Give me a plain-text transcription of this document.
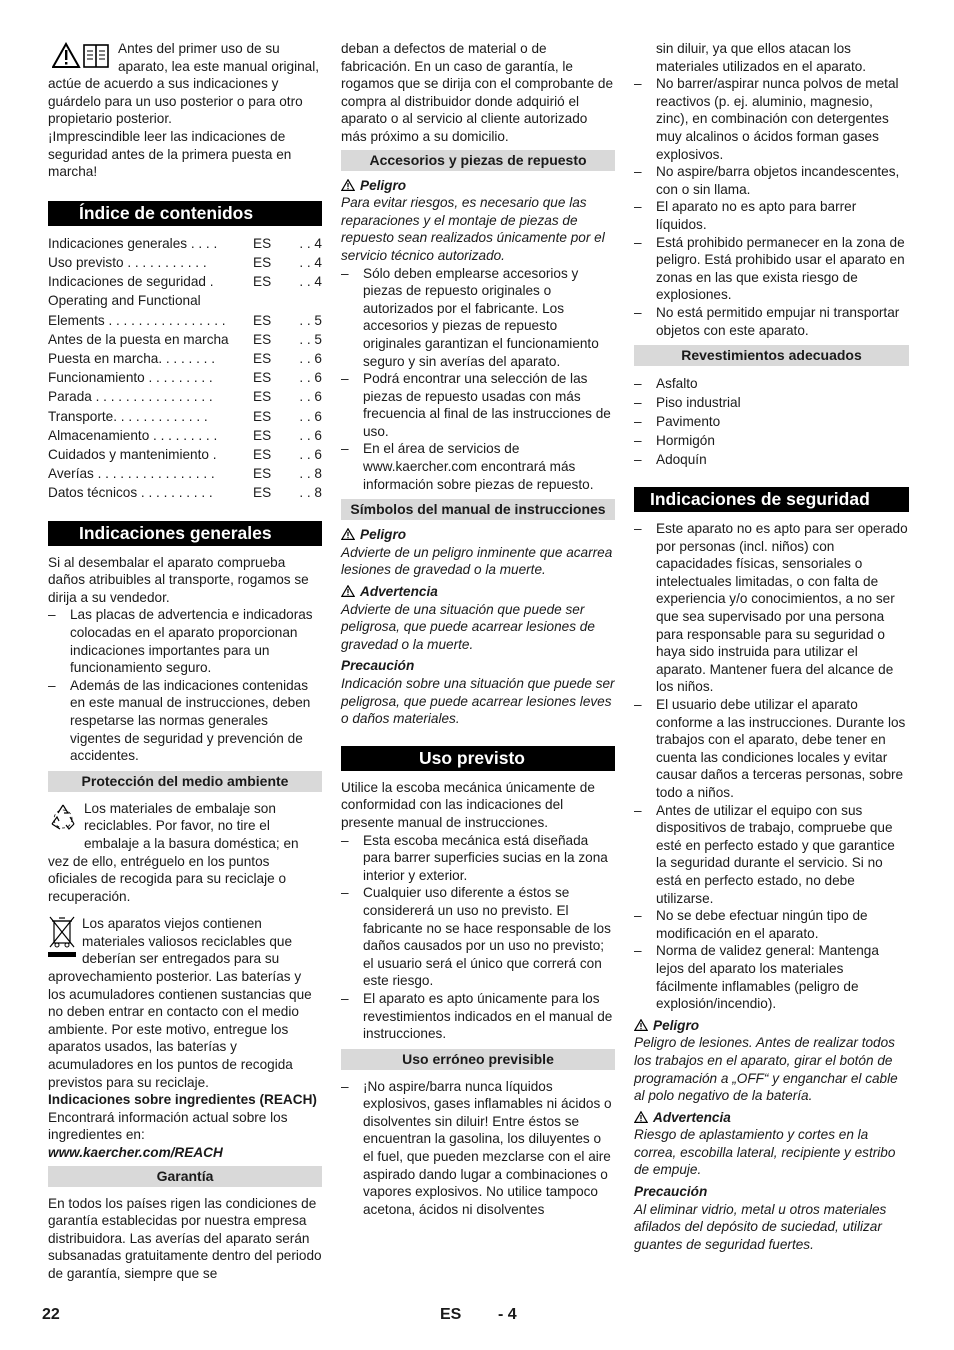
Antes del primer uso de su aparato, lea este manual original, actúe de acuerdo a sus indicaciones y guárdelo para un uso posterior o para otro propietario posterior.

¡Imprescindible leer las indicaciones de seguridad antes de la primera puesta en marcha!

Índice de contenidos
Indicaciones generales . . . .	ES	. . 4
Uso previsto . . . . . . . . . . .	ES	. . 4
Indicaciones de seguridad .	ES	. . 4
Operating and Functional Elements . . . . . . . . . . . . . . . .	ES	. . 5
Antes de la puesta en marcha	ES	. . 5
Puesta en marcha. . . . . . . .	ES	. . 6
Funcionamiento . . . . . . . . .	ES	. . 6
Parada . . . . . . . . . . . . . . . .	ES	. . 6
Transporte. . . . . . . . . . . . .	ES	. . 6
Almacenamiento . . . . . . . . .	ES	. . 6
Cuidados y mantenimiento .	ES	. . 6
Averías . . . . . . . . . . . . . . . .	ES	. . 8
Datos técnicos . . . . . . . . . .	ES	. . 8
Indicaciones generales

Si al desembalar el aparato comprueba daños atribuibles al transporte, rogamos se dirija a su vendedor.

– Las placas de advertencia e indicadoras colocadas en el aparato proporcionan indicaciones importantes para un funcionamiento seguro.
– Además de las indicaciones contenidas en este manual de instrucciones, deben respetarse las normas generales vigentes de seguridad y prevención de accidentes.
Protección del medio ambiente

Los materiales de embalaje son reciclables. Por favor, no tire el embalaje a la basura doméstica; en vez de ello, entréguelo en los puntos oficiales de recogida para su reciclaje o recuperación.

Los aparatos viejos contienen materiales valiosos reciclables que deberían ser entregados para su aprovechamiento posterior. Las baterías y los acumuladores contienen sustancias que no deben entrar en contacto con el medio ambiente. Por este motivo, entregue los aparatos usados, las baterías y acumuladores en los puntos de recogida previstos para su reciclaje.

Indicaciones sobre ingredientes (REACH)

Encontrará información actual sobre los ingredientes en:

www.kaercher.com/REACH

Garantía

En todos los países rigen las condiciones de garantía establecidas por nuestra empresa distribuidora. Las averías del aparato serán subsanadas gratuitamente dentro del periodo de garantía, siempre que se

deban a defectos de material o de fabricación. En un caso de garantía, le rogamos que se dirija con el comprobante de compra al distribuidor donde adquirió el aparato o al servicio al cliente autorizado más próximo a su domicilio.

Accesorios y piezas de repuesto

Peligro

Para evitar riesgos, es necesario que las reparaciones y el montaje de piezas de repuesto sean realizados únicamente por el servicio técnico autorizado.

– Sólo deben emplearse accesorios y piezas de repuesto originales o autorizados por el fabricante. Los accesorios y piezas de repuesto originales garantizan el funcionamiento seguro y sin averías del aparato.
– Podrá encontrar una selección de las piezas de repuesto usadas con más frecuencia al final de las instrucciones de uso.
– En el área de servicios de www.kaercher.com encontrará más información sobre piezas de repuesto.
Símbolos del manual de instrucciones

Peligro

Advierte de un peligro inminente que acarrea lesiones de gravedad o la muerte.

Advertencia

Advierte de una situación que puede ser peligrosa, que puede acarrear lesiones de gravedad o la muerte.

Precaución

Indicación sobre una situación que puede ser peligrosa, que puede acarrear lesiones leves o daños materiales.

Uso previsto

Utilice la escoba mecánica únicamente de conformidad con las indicaciones del presente manual de instrucciones.

– Esta escoba mecánica está diseñada para barrer superficies sucias en la zona interior y exterior.
– Cualquier uso diferente a éstos se considererá un uso no previsto. El fabricante no se hace responsable de los daños causados por un uso no previsto; el usuario será el único que correrá con este riesgo.
– El aparato es apto únicamente para los revestimientos indicados en el manual de instrucciones.
Uso erróneo previsible
– ¡No aspire/barra nunca líquidos explosivos, gases inflamables ni ácidos o disolventes sin diluir! Entre éstos se encuentran la gasolina, los diluyentes o el fuel, que pueden mezclarse con el aire aspirado dando lugar a combinaciones o vapores explosivos. No utilice tampoco acetona, ácidos ni disolventes

sin diluir, ya que ellos atacan los materiales utilizados en el aparato.

– No barrer/aspirar nunca polvos de metal reactivos (p. ej. aluminio, magnesio, zinc), en combinación con detergentes muy alcalinos o ácidos forman gases explosivos.
– No aspire/barra objetos incandescentes, con o sin llama.
– El aparato no es apto para barrer líquidos.
– Está prohibido permanecer en la zona de peligro. Está prohibido usar el aparato en zonas en las que exista riesgo de explosiones.
– No está permitido empujar ni transportar objetos con este aparato.
Revestimientos adecuados
– Asfalto
– Piso industrial
– Pavimento
– Hormigón
– Adoquín
Indicaciones de seguridad
– Este aparato no es apto para ser operado por personas (incl. niños) con capacidades físicas, sensoriales o intelectuales limitadas, o con falta de experiencia y/o conocimientos, a no ser que sea supervisado por una persona para responsable para su seguridad o haya sido instruida para utilizar el aparato. Mantener fuera del alcance de los niños.
– El usuario debe utilizar el aparato conforme a las instrucciones. Durante los trabajos con el aparato, debe tener en cuenta las condiciones locales y evitar causar daños a terceras personas, sobre todo a niños.
– Antes de utilizar el equipo con sus dispositivos de trabajo, compruebe que esté en perfecto estado y que garantice la seguridad durante el servicio. Si no está en perfecto estado, no debe utilizarse.
– No se debe efectuar ningún tipo de modificación en el aparato.
– Norma de validez general: Mantenga lejos del aparato los materiales fácilmente inflamables (peligro de explosión/incendio).

Peligro

Peligro de lesiones. Antes de realizar todos los trabajos en el aparato, girar el botón de programación a „OFF“ y enganchar el cable al polo negativo de la batería.

Advertencia

Riesgo de aplastamiento y cortes en la correa, escobilla lateral, recipiente y estribo de empuje.

Precaución

Al eliminar vidrio, metal u otros materiales afilados del depósito de suciedad, utilizar guantes de seguridad fuertes.

22	ES - 4
